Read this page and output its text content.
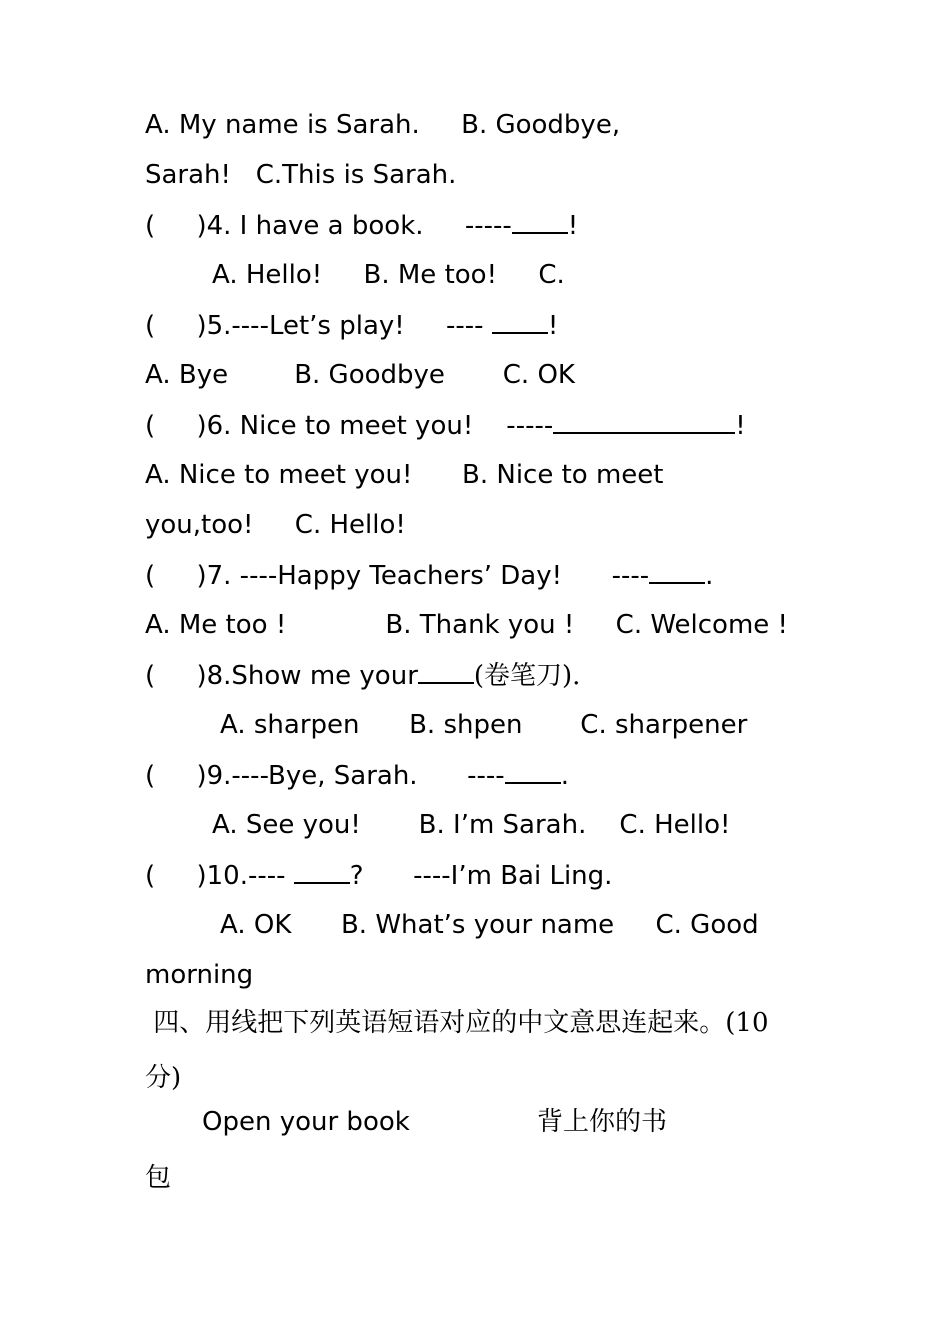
A. My name is Sarah.     B. Goodbye,
Sarah!   C.This is Sarah.
(     )4. I have a book.     ----- !
A. Hello!     B. Me too!     C.
(     )5.----Let’s play!     ---- !
A. Bye        B. Goodbye       C. OK
(     )6. Nice to meet you!    -----	!
A. Nice to meet you!      B. Nice to meet
you,too!     C. Hello!
(     )7. ----Happy Teachers’ Day!      ---- .
A. Me too !            B. Thank you !     C. Welcome !
(     )8.Show me your (卷笔刀).
A. sharpen      B. shpen       C. sharpener
(     )9.----Bye, Sarah.      ---- .
A. See you!       B. I’m Sarah.    C. Hello!
(     )10.---- ?      ----I’m Bai Ling.
A. OK      B. What’s your name     C. Good
morning
四、用线把下列英语短语对应的中文意思连起来。(10
分)
Open your book	背上你的书
包
